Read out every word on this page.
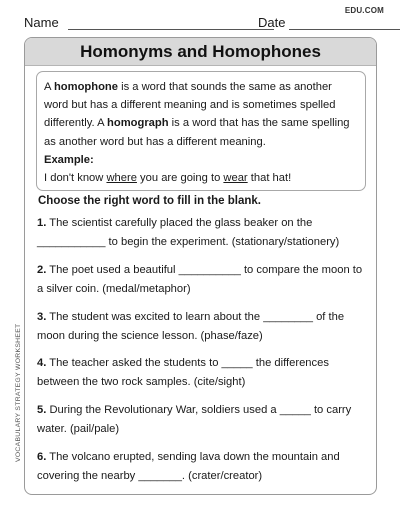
EDU.COM
Name	Date
Homonyms and Homophones
A homophone is a word that sounds the same as another word but has a different meaning and is sometimes spelled differently. A homograph is a word that has the same spelling as another word but has a different meaning.
Example:
I don't know where you are going to wear that hat!
Choose the right word to fill in the blank.
1. The scientist carefully placed the glass beaker on the ___________ to begin the experiment. (stationary/stationery)
2. The poet used a beautiful __________ to compare the moon to a silver coin. (medal/metaphor)
3. The student was excited to learn about the ________ of the moon during the science lesson. (phase/faze)
4. The teacher asked the students to _____ the differences between the two rock samples. (cite/sight)
5. During the Revolutionary War, soldiers used a _____ to carry water. (pail/pale)
6. The volcano erupted, sending lava down the mountain and covering the nearby _______. (crater/creator)
VOCABULARY STRATEGY WORKSHEET
